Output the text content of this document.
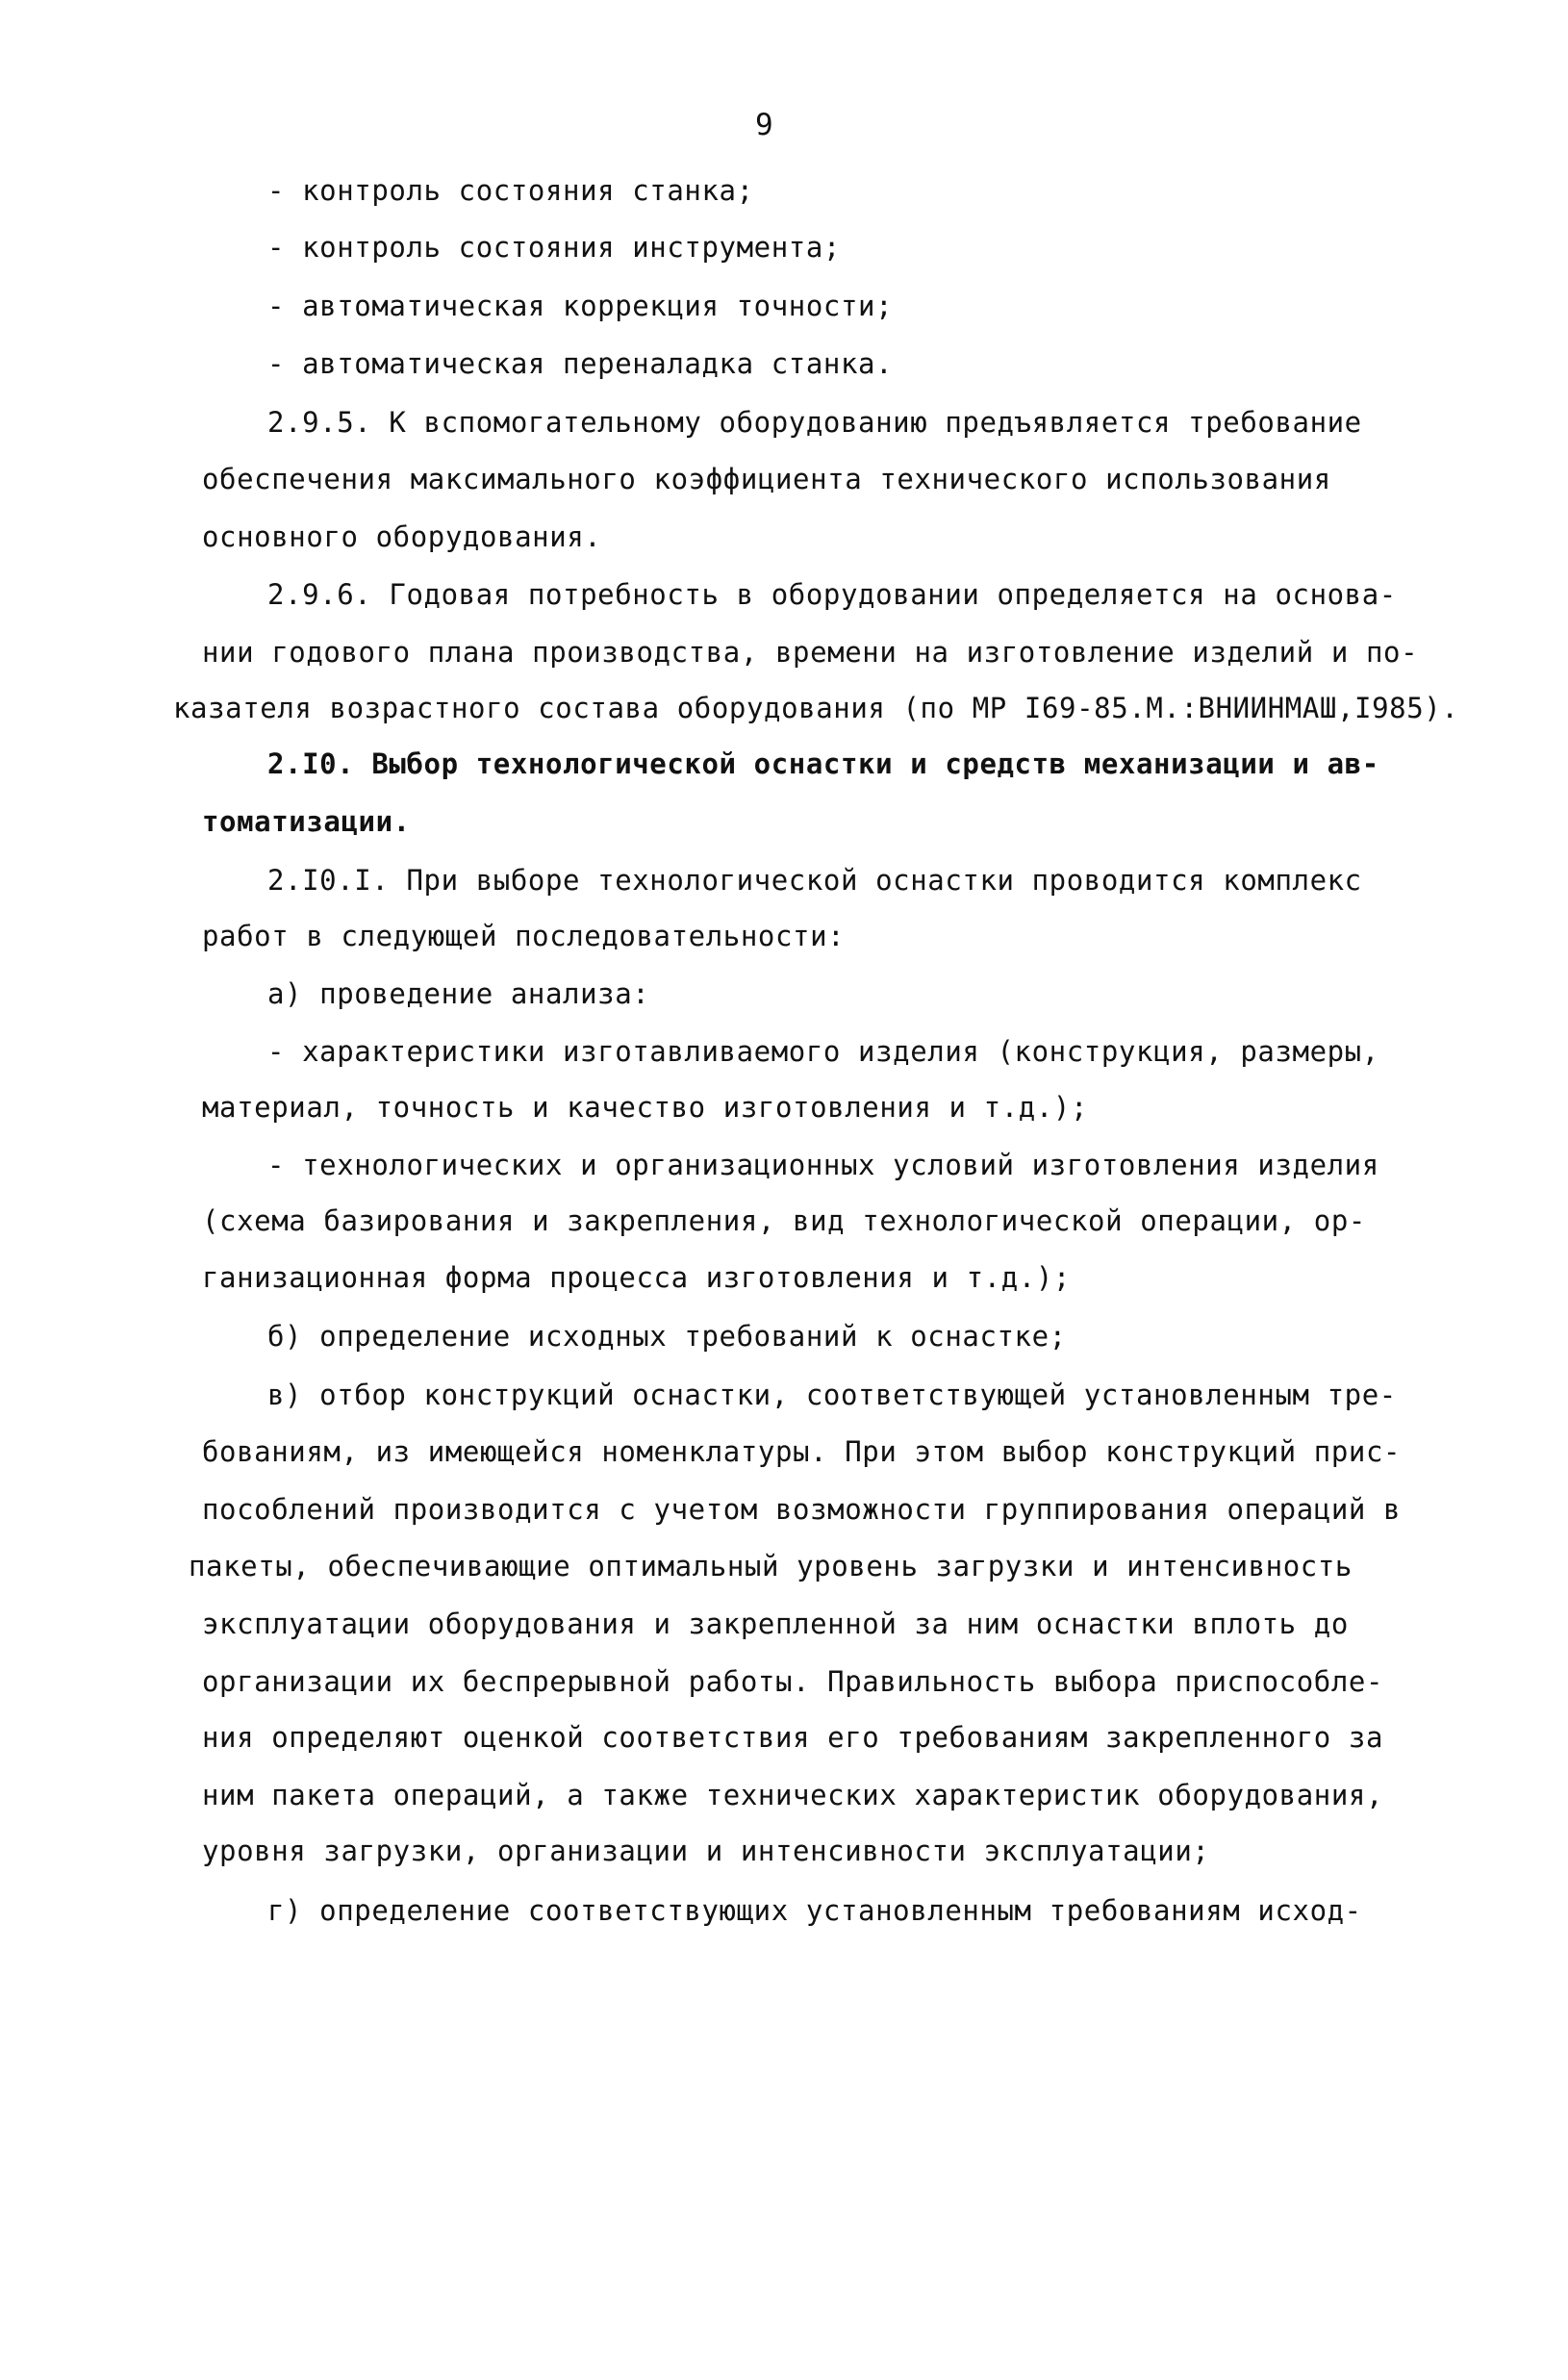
9
- контроль состояния станка;
- контроль состояния инструмента;
- автоматическая коррекция точности;
- автоматическая переналадка станка.
2.9.5. К вспомогательному оборудованию предъявляется требование
обеспечения максимального коэффициента технического использования
основного оборудования.
2.9.6. Годовая потребность в оборудовании определяется на основа-
нии годового плана производства, времени на изготовление изделий и по-
казателя возрастного состава оборудования (по МР I69-85.М.:ВНИИНМАШ,I985).
2.I0. Выбор технологической оснастки и средств механизации и ав-
томатизации.
2.I0.I. При выборе технологической оснастки проводится комплекс
работ в следующей последовательности:
а) проведение анализа:
- характеристики изготавливаемого изделия (конструкция, размеры,
материал, точность и качество изготовления и т.д.);
- технологических и организационных условий изготовления изделия
(схема базирования и закрепления, вид технологической операции, ор-
ганизационная форма процесса изготовления и т.д.);
б) определение исходных требований к оснастке;
в) отбор конструкций оснастки, соответствующей установленным тре-
бованиям, из имеющейся номенклатуры. При этом выбор конструкций прис-
пособлений производится с учетом возможности группирования операций в
пакеты, обеспечивающие оптимальный уровень загрузки и интенсивность
эксплуатации оборудования и закрепленной за ним оснастки вплоть до
организации их беспрерывной работы. Правильность выбора приспособле-
ния определяют оценкой соответствия его требованиям закрепленного за
ним пакета операций, а также технических характеристик оборудования,
уровня загрузки, организации и интенсивности эксплуатации;
г) определение соответствующих установленным требованиям исход-
